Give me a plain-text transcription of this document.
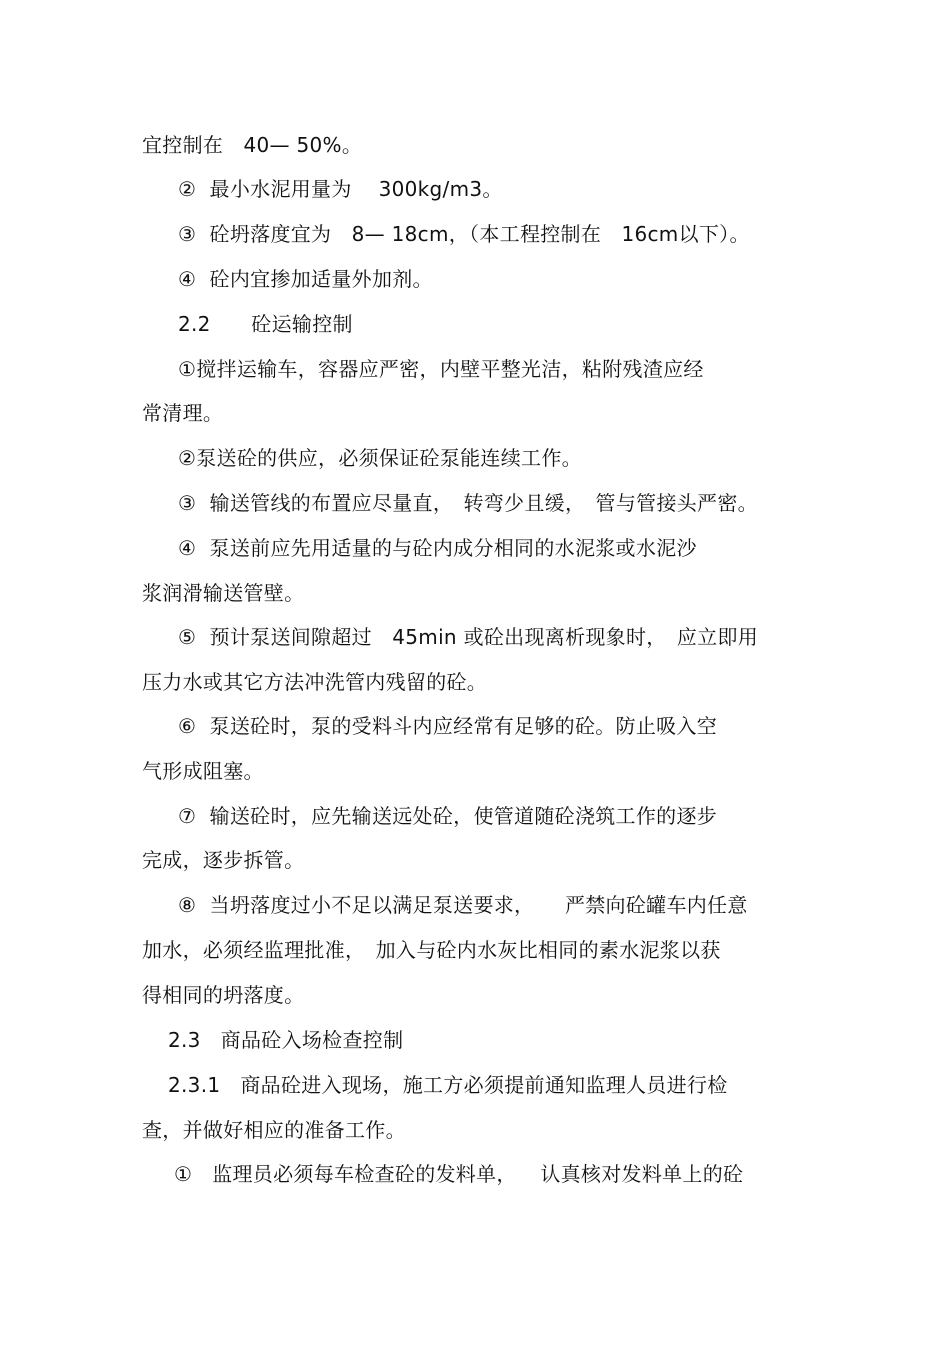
宜控制在　40— 50%。
②  最小水泥用量为　 300kg/m3。
③  砼坍落度宜为　8— 18cm，（本工程控制在　16cm以下）。
④  砼内宜掺加适量外加剂。
2.2　　砼运输控制
①搅拌运输车，容器应严密，内壁平整光洁，粘附残渣应经
常清理。
②泵送砼的供应，必须保证砼泵能连续工作。
③  输送管线的布置应尽量直，　转弯少且缓，　管与管接头严密。
④  泵送前应先用适量的与砼内成分相同的水泥浆或水泥沙
浆润滑输送管壁。
⑤  预计泵送间隙超过　45min 或砼出现离析现象时，　应立即用
压力水或其它方法冲洗管内残留的砼。
⑥  泵送砼时，泵的受料斗内应经常有足够的砼。防止吸入空
气形成阻塞。
⑦  输送砼时，应先输送远处砼，使管道随砼浇筑工作的逐步
完成，逐步拆管。
⑧  当坍落度过小不足以满足泵送要求，　　严禁向砼罐车内任意
加水，必须经监理批准，　加入与砼内水灰比相同的素水泥浆以获
得相同的坍落度。
2.3   商品砼入场检查控制
2.3.1   商品砼进入现场，施工方必须提前通知监理人员进行检
查，并做好相应的准备工作。
①   监理员必须每车检查砼的发料单，　  认真核对发料单上的砼
